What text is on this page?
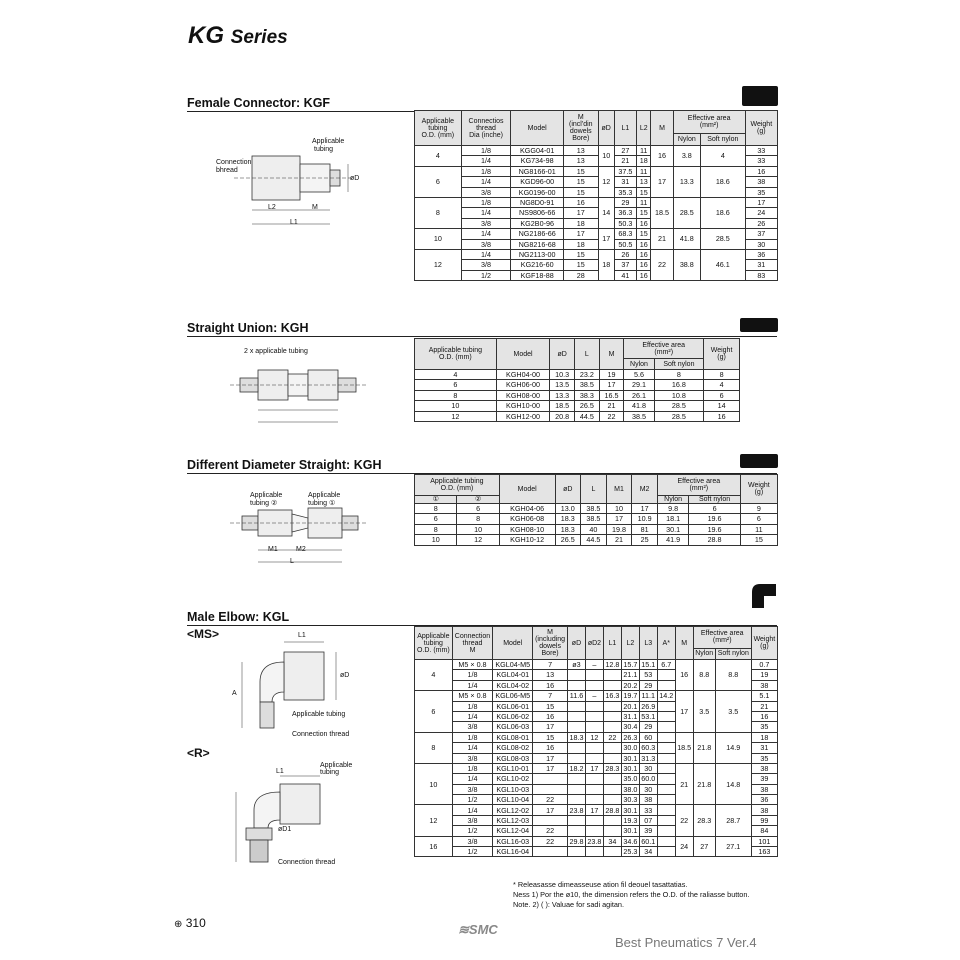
KG Series
Female Connector: KGF
Connection
bhread
Applicable
tubing
L2	M
L1
øD
Applicable
tubing
O.D. (mm)	Connectios
thread
Dia (inche)	Model	M
(incl'din
dowels
Bore)	øD	L1	L2	M	Effective area
(mm²)		Weight
(g)
								Nylon	Soft nylon	
4	1/8	KGG04-01	13	10	27	11	16	3.8	4	33
	1/4	KG734-98	13		21	18				33
6	1/8	NG8166-01	15	12	37.5	11	17	13.3	18.6	16
	1/4	KGD96-00	15		31	13				38
	3/8	KG0196-00	15		35.3	15				35
8	1/8	NG8D0-91	16	14	29	11	18.5	28.5	18.6	17
	1/4	NS9806-66	17		36.3	15				24
	3/8	KG2B0-96	18		50.3	16				26
10	1/4	NG2186-66	17	17	68.3	15	21	41.8	28.5	37
	3/8	NG8216-68	18		50.5	16				30
12	1/4	NG2113-00	15	18	26	16	22	38.8	46.1	36
	3/8	KG216-60	15		37	16				31
	1/2	KGF18-88	28		41	16				83
Straight Union: KGH
2 x applicable tubing	Applicable tubing
O.D. (mm)	Model	øD	L	M	Effective area
(mm²)		Weight
(g)
					Nylon	Soft nylon	
4	KGH04-00	10.3	23.2	19	5.6	8	8
6	KGH06-00	13.5	38.5	17	29.1	16.8	4
8	KGH08-00	13.3	38.3	16.5	26.1	10.8	6
10	KGH10-00	18.5	26.5	21	41.8	28.5	14
12	KGH12-00	20.8	44.5	22	38.5	28.5	16
Different Diameter Straight: KGH
Applicable
tubing ②
Applicable
tubing ①
M1	M2
L
Applicable tubing
O.D. (mm)		Model	øD	L	M1	M2	Effective area
(mm²)		Weight
(g)
①	②						Nylon	Soft nylon	
8	6	KGH04-06	13.0	38.5	10	17	9.8	6	9
6	8	KGH06-08	18.3	38.5	17	10.9	18.1	19.6	6
8	10	KGH08-10	18.3	40	19.8	81	30.1	19.6	11
10	12	KGH10-12	26.5	44.5	21	25	41.9	28.8	15
Male Elbow: KGL
<MS>
<R>
L1
øD
A
Applicable tubing
Connection thread
L1
Applicable
tubing
øD1
Connection thread
Applicable
tubing
O.D. (mm)	Connection
thread
M	Model	M
(including
dowels
Bore)	øD	øD2	L1	L2	L3	A*	M	Effective area
(mm²)		Weight
(g)
											Nylon	Soft nylon	
4	M5 × 0.8	KGL04-M5	7	ø3	–	12.8	15.7	15.1	6.7	16	8.8	8.8	0.7
	1/8	KGL04-01	13				21.1	53					19
	1/4	KGL04-02	16				20.2	29					38
6	M5 × 0.8	KGL06-M5	7	11.6	–	16.3	19.7	11.1	14.2	17	3.5	3.5	5.1
	1/8	KGL06-01	15				20.1	26.9					21
	1/4	KGL06-02	16				31.1	53.1					16
	3/8	KGL06-03	17				30.4	29					35
8	1/8	KGL08-01	15	18.3	12	22	26.3	60		18.5	21.8	14.9	18
	1/4	KGL08-02	16				30.0	60.3					31
	3/8	KGL08-03	17				30.1	31.3					35
10	1/8	KGL10-01	17	18.2	17	28.3	30.1	30		21	21.8	14.8	38
	1/4	KGL10-02					35.0	60.0					39
	3/8	KGL10-03					38.0	30					38
	1/2	KGL10-04	22				30.3	38					36
12	1/4	KGL12-02	17	23.8	17	28.8	30.1	33		22	28.3	28.7	38
	3/8	KGL12-03					19.3	07					99
	1/2	KGL12-04	22				30.1	39					84
16	3/8	KGL16-03	22	29.8	23.8	34	34.6	60.1		24	27	27.1	101
	1/2	KGL16-04					25.3	34					163
* Releasasse dimeasseuse ation fil deouel tasattatias.
Ness 1) Por the ø10, the dimension refers the O.D. of the raliasse button.
Note. 2) ( ): Valuae for sadi agitan.
⊕ 310	≋SMC
Best Pneumatics 7 Ver.4
